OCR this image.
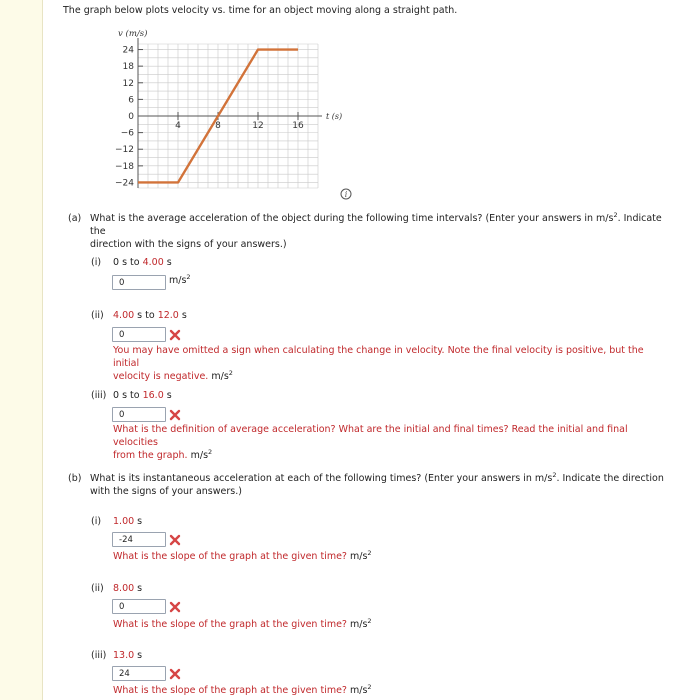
The graph below plots velocity vs. time for an object moving along a straight path.
v (m/s)
t (s)
24
18
12
6
0
−6
−12
−18
−24
4	8	12	16
i
(a) What is the average acceleration of the object during the following time intervals? (Enter your answers in $m/s^2$. Indicate the
direction with the signs of your answers.)
(i) 0 s to 4.00 s
0	$m/s^2$
(ii) 4.00 s to 12.0 s
0
You may have omitted a sign when calculating the change in velocity. Note the final velocity is positive, but the initial
velocity is negative. $m/s^2$
(iii) 0 s to 16.0 s
0
What is the definition of average acceleration? What are the initial and final times? Read the initial and final velocities
from the graph. $m/s^2$
(b) What is its instantaneous acceleration at each of the following times? (Enter your answers in $m/s^2$. Indicate the direction
with the signs of your answers.)
(i) 1.00 s
-24
What is the slope of the graph at the given time? $m/s^2$
(ii) 8.00 s
0
What is the slope of the graph at the given time? $m/s^2$
(iii) 13.0 s
24
What is the slope of the graph at the given time? $m/s^2$
